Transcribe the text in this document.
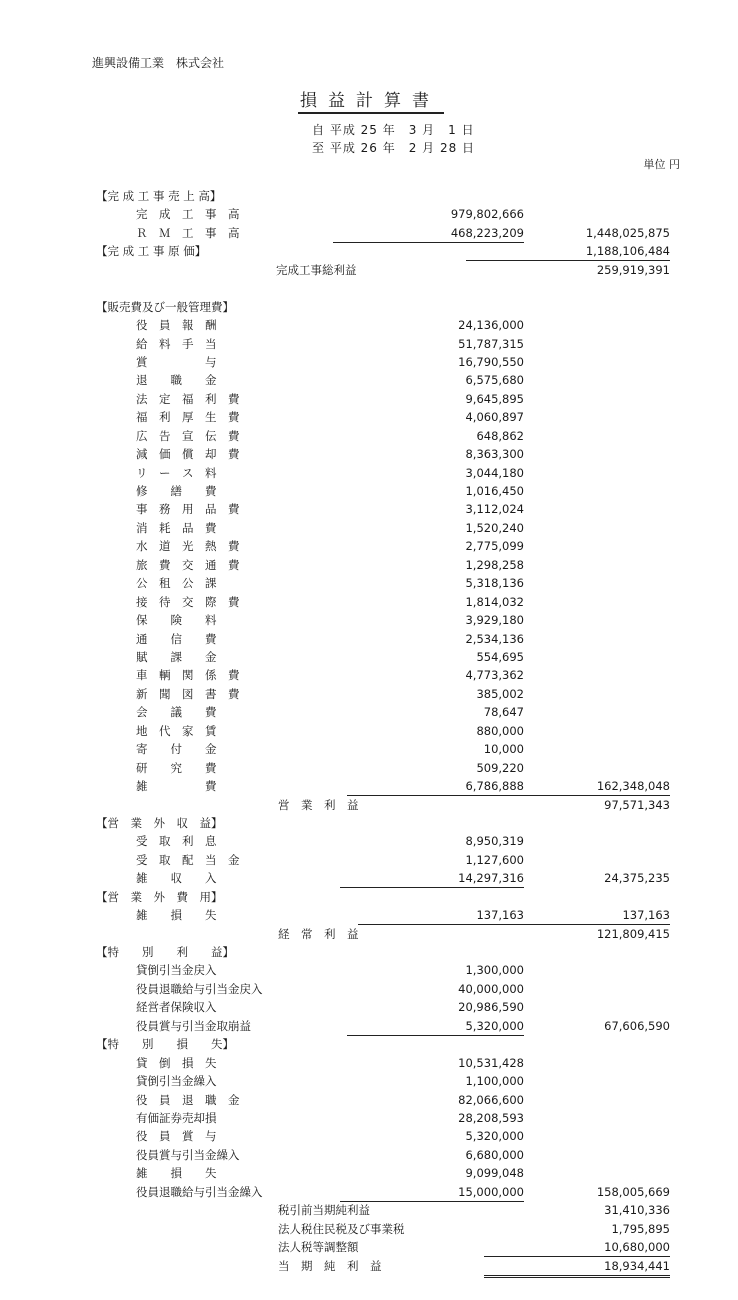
進興設備工業　株式会社
損益計算書
自 平成 25 年　3 月　1 日
至 平成 26 年　2 月 28 日
単位 円
【完 成 工 事 売 上 高】
完　成　工　事　高	979,802,666
Ｒ　Ｍ　工　事　高	468,223,209	1,448,025,875
【完 成 工 事 原 価】	1,188,106,484
完成工事総利益	259,919,391
【販売費及び一般管理費】
役　員　報　酬	24,136,000
給　料　手　当	51,787,315
賞　　　　　与	16,790,550
退　　職　　金	6,575,680
法　定　福　利　費	9,645,895
福　利　厚　生　費	4,060,897
広　告　宣　伝　費	648,862
減　価　償　却　費	8,363,300
リ　ー　ス　料	3,044,180
修　　繕　　費	1,016,450
事　務　用　品　費	3,112,024
消　耗　品　費	1,520,240
水　道　光　熱　費	2,775,099
旅　費　交　通　費	1,298,258
公　租　公　課	5,318,136
接　待　交　際　費	1,814,032
保　　険　　料	3,929,180
通　　信　　費	2,534,136
賦　　課　　金	554,695
車　輌　関　係　費	4,773,362
新　聞　図　書　費	385,002
会　　議　　費	78,647
地　代　家　賃	880,000
寄　　付　　金	10,000
研　　究　　費	509,220
雑　　　　　費	6,786,888	162,348,048
営　業　利　益	97,571,343
【営　業　外　収　益】
受　取　利　息	8,950,319
受　取　配　当　金	1,127,600
雑　　収　　入	14,297,316	24,375,235
【営　業　外　費　用】
雑　　損　　失	137,163	137,163
経　常　利　益	121,809,415
【特　　別　　利　　益】
貸倒引当金戻入	1,300,000
役員退職給与引当金戻入	40,000,000
経営者保険収入	20,986,590
役員賞与引当金取崩益	5,320,000	67,606,590
【特　　別　　損　　失】
貸　倒　損　失	10,531,428
貸倒引当金繰入	1,100,000
役　員　退　職　金	82,066,600
有価証券売却損	28,208,593
役　員　賞　与	5,320,000
役員賞与引当金繰入	6,680,000
雑　　損　　失	9,099,048
役員退職給与引当金繰入	15,000,000	158,005,669
税引前当期純利益	31,410,336
法人税住民税及び事業税	1,795,895
法人税等調整額	10,680,000
当　期　純　利　益	18,934,441
